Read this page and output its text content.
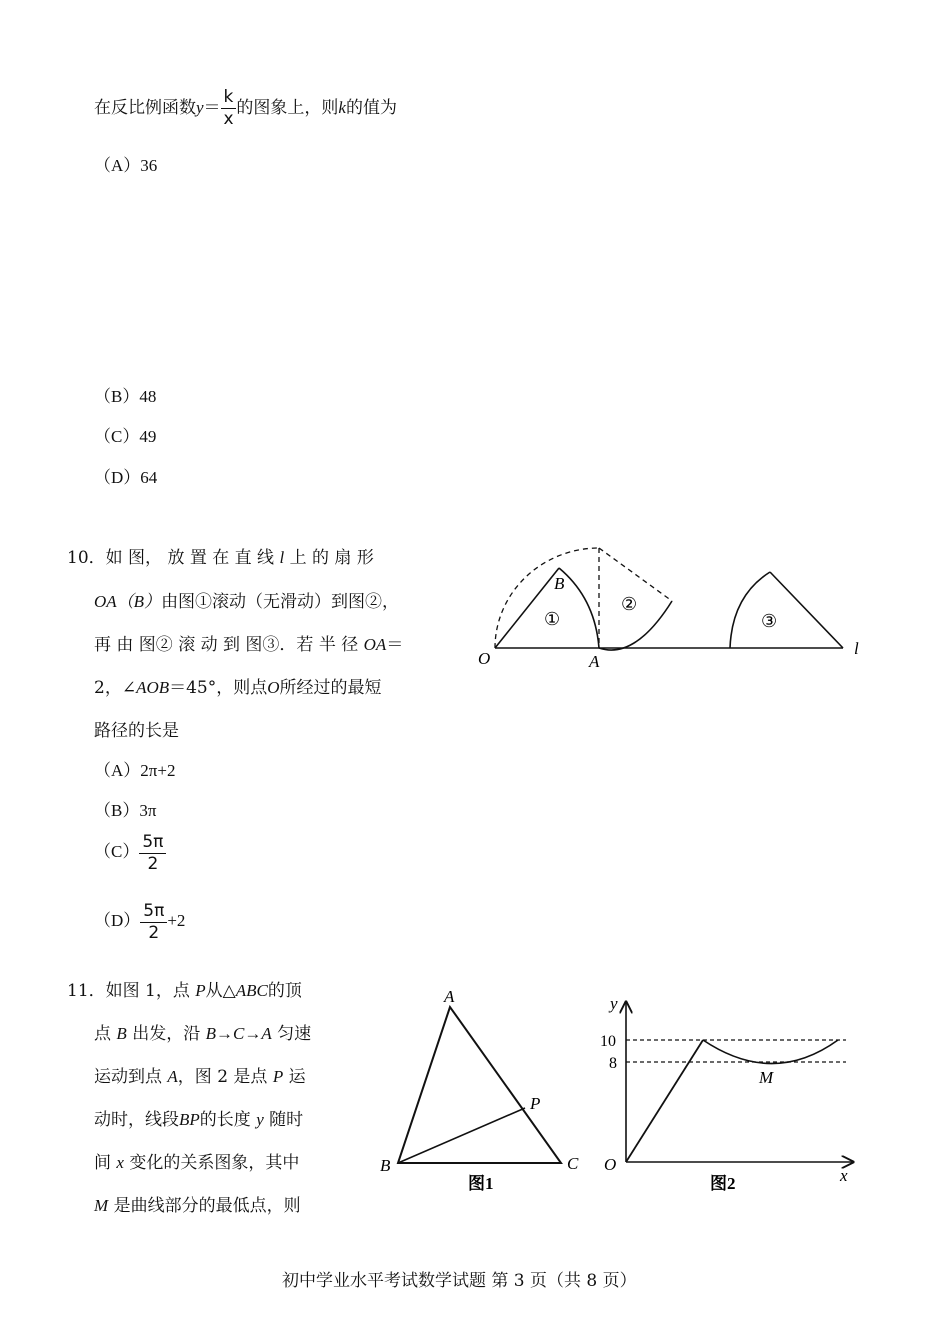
在反比例函数$y= \frac{k}{x}$ 的图象上，则k的值为
（A）36
（B）48
（C）49
（D）64
10．如 图， 放 置 在 直 线 l 上 的 扇 形
OA（B）由图①滚动（无滑动）到图②，
再 由 图② 滚 动 到 图③．若 半 径 OA＝
2，∠AOB＝45°，则点O所经过的最短
路径的长是
（A）2π+2
（B）3π
$(C) \frac{5\pi}{2}$
$(D) \frac{5\pi}{2} +2$
O	A
B
l
①
②
③
11．如图 1，点 P从△ABC的顶
点 B 出发，沿 B→C→A 匀速
运动到点 A，图 2 是点 P 运
动时，线段BP的长度 y 随时
间 x 变化的关系图象，其中
M 是曲线部分的最低点，则
A
B	C
P
图1
y
10
8
M
O
x
图2
初中学业水平考试数学试题 第 3 页（共 8 页）
